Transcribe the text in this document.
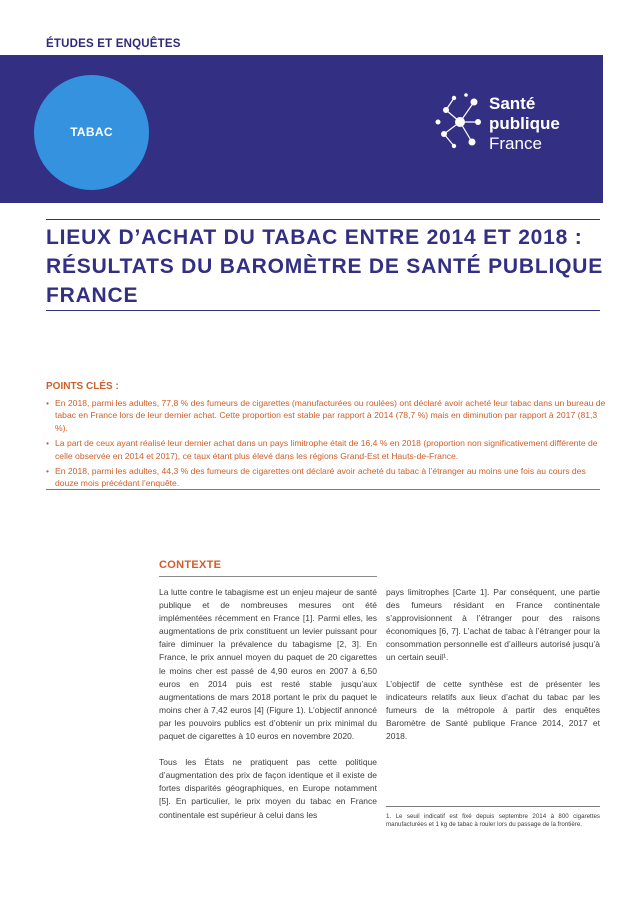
ÉTUDES ET ENQUÊTES
TABAC
Santé
publique
France
LIEUX D’ACHAT DU TABAC ENTRE 2014 ET 2018 :
RÉSULTATS DU BAROMÈTRE DE SANTÉ PUBLIQUE
FRANCE
POINTS CLÉS :
• En 2018, parmi les adultes, 77,8 % des fumeurs de cigarettes (manufacturées ou roulées) ont déclaré avoir acheté leur tabac dans un bureau de tabac en France lors de leur dernier achat. Cette proportion est stable par rapport à 2014 (78,7 %) mais en diminution par rapport à 2017 (81,3 %).
• La part de ceux ayant réalisé leur dernier achat dans un pays limitrophe était de 16,4 % en 2018 (proportion non significativement différente de celle observée en 2014 et 2017), ce taux étant plus élevé dans les régions Grand-Est et Hauts-de-France.
• En 2018, parmi les adultes, 44,3 % des fumeurs de cigarettes ont déclaré avoir acheté du tabac à l’étranger au moins une fois au cours des douze mois précédant l’enquête.
CONTEXTE

La lutte contre le tabagisme est un enjeu majeur de santé publique et de nombreuses mesures ont été implémentées récemment en France [1]. Parmi elles, les augmentations de prix constituent un levier puissant pour faire diminuer la prévalence du tabagisme [2, 3]. En France, le prix annuel moyen du paquet de 20 cigarettes le moins cher est passé de 4,90 euros en 2007 à 6,50 euros en 2014 puis est resté stable jusqu’aux augmentations de mars 2018 portant le prix du paquet le moins cher à 7,42 euros [4] (Figure 1). L’objectif annoncé par les pouvoirs publics est d’obtenir un prix minimal du paquet de cigarettes à 10 euros en novembre 2020.

Tous les États ne pratiquent pas cette politique d’augmentation des prix de façon identique et il existe de fortes disparités géographiques, en Europe notamment [5]. En particulier, le prix moyen du tabac en France continentale est supérieur à celui dans les

pays limitrophes [Carte 1]. Par conséquent, une partie des fumeurs résidant en France continentale s’approvisionnent à l’étranger pour des raisons économiques [6, 7]. L’achat de tabac à l’étranger pour la consommation personnelle est d’ailleurs autorisé jusqu’à un certain seuil¹.

L’objectif de cette synthèse est de présenter les indicateurs relatifs aux lieux d’achat du tabac par les fumeurs de la métropole à partir des enquêtes Baromètre de Santé publique France 2014, 2017 et 2018.

1. Le seuil indicatif est fixé depuis septembre 2014 à 800 cigarettes manufacturées et 1 kg de tabac à rouler lors du passage de la frontière.
